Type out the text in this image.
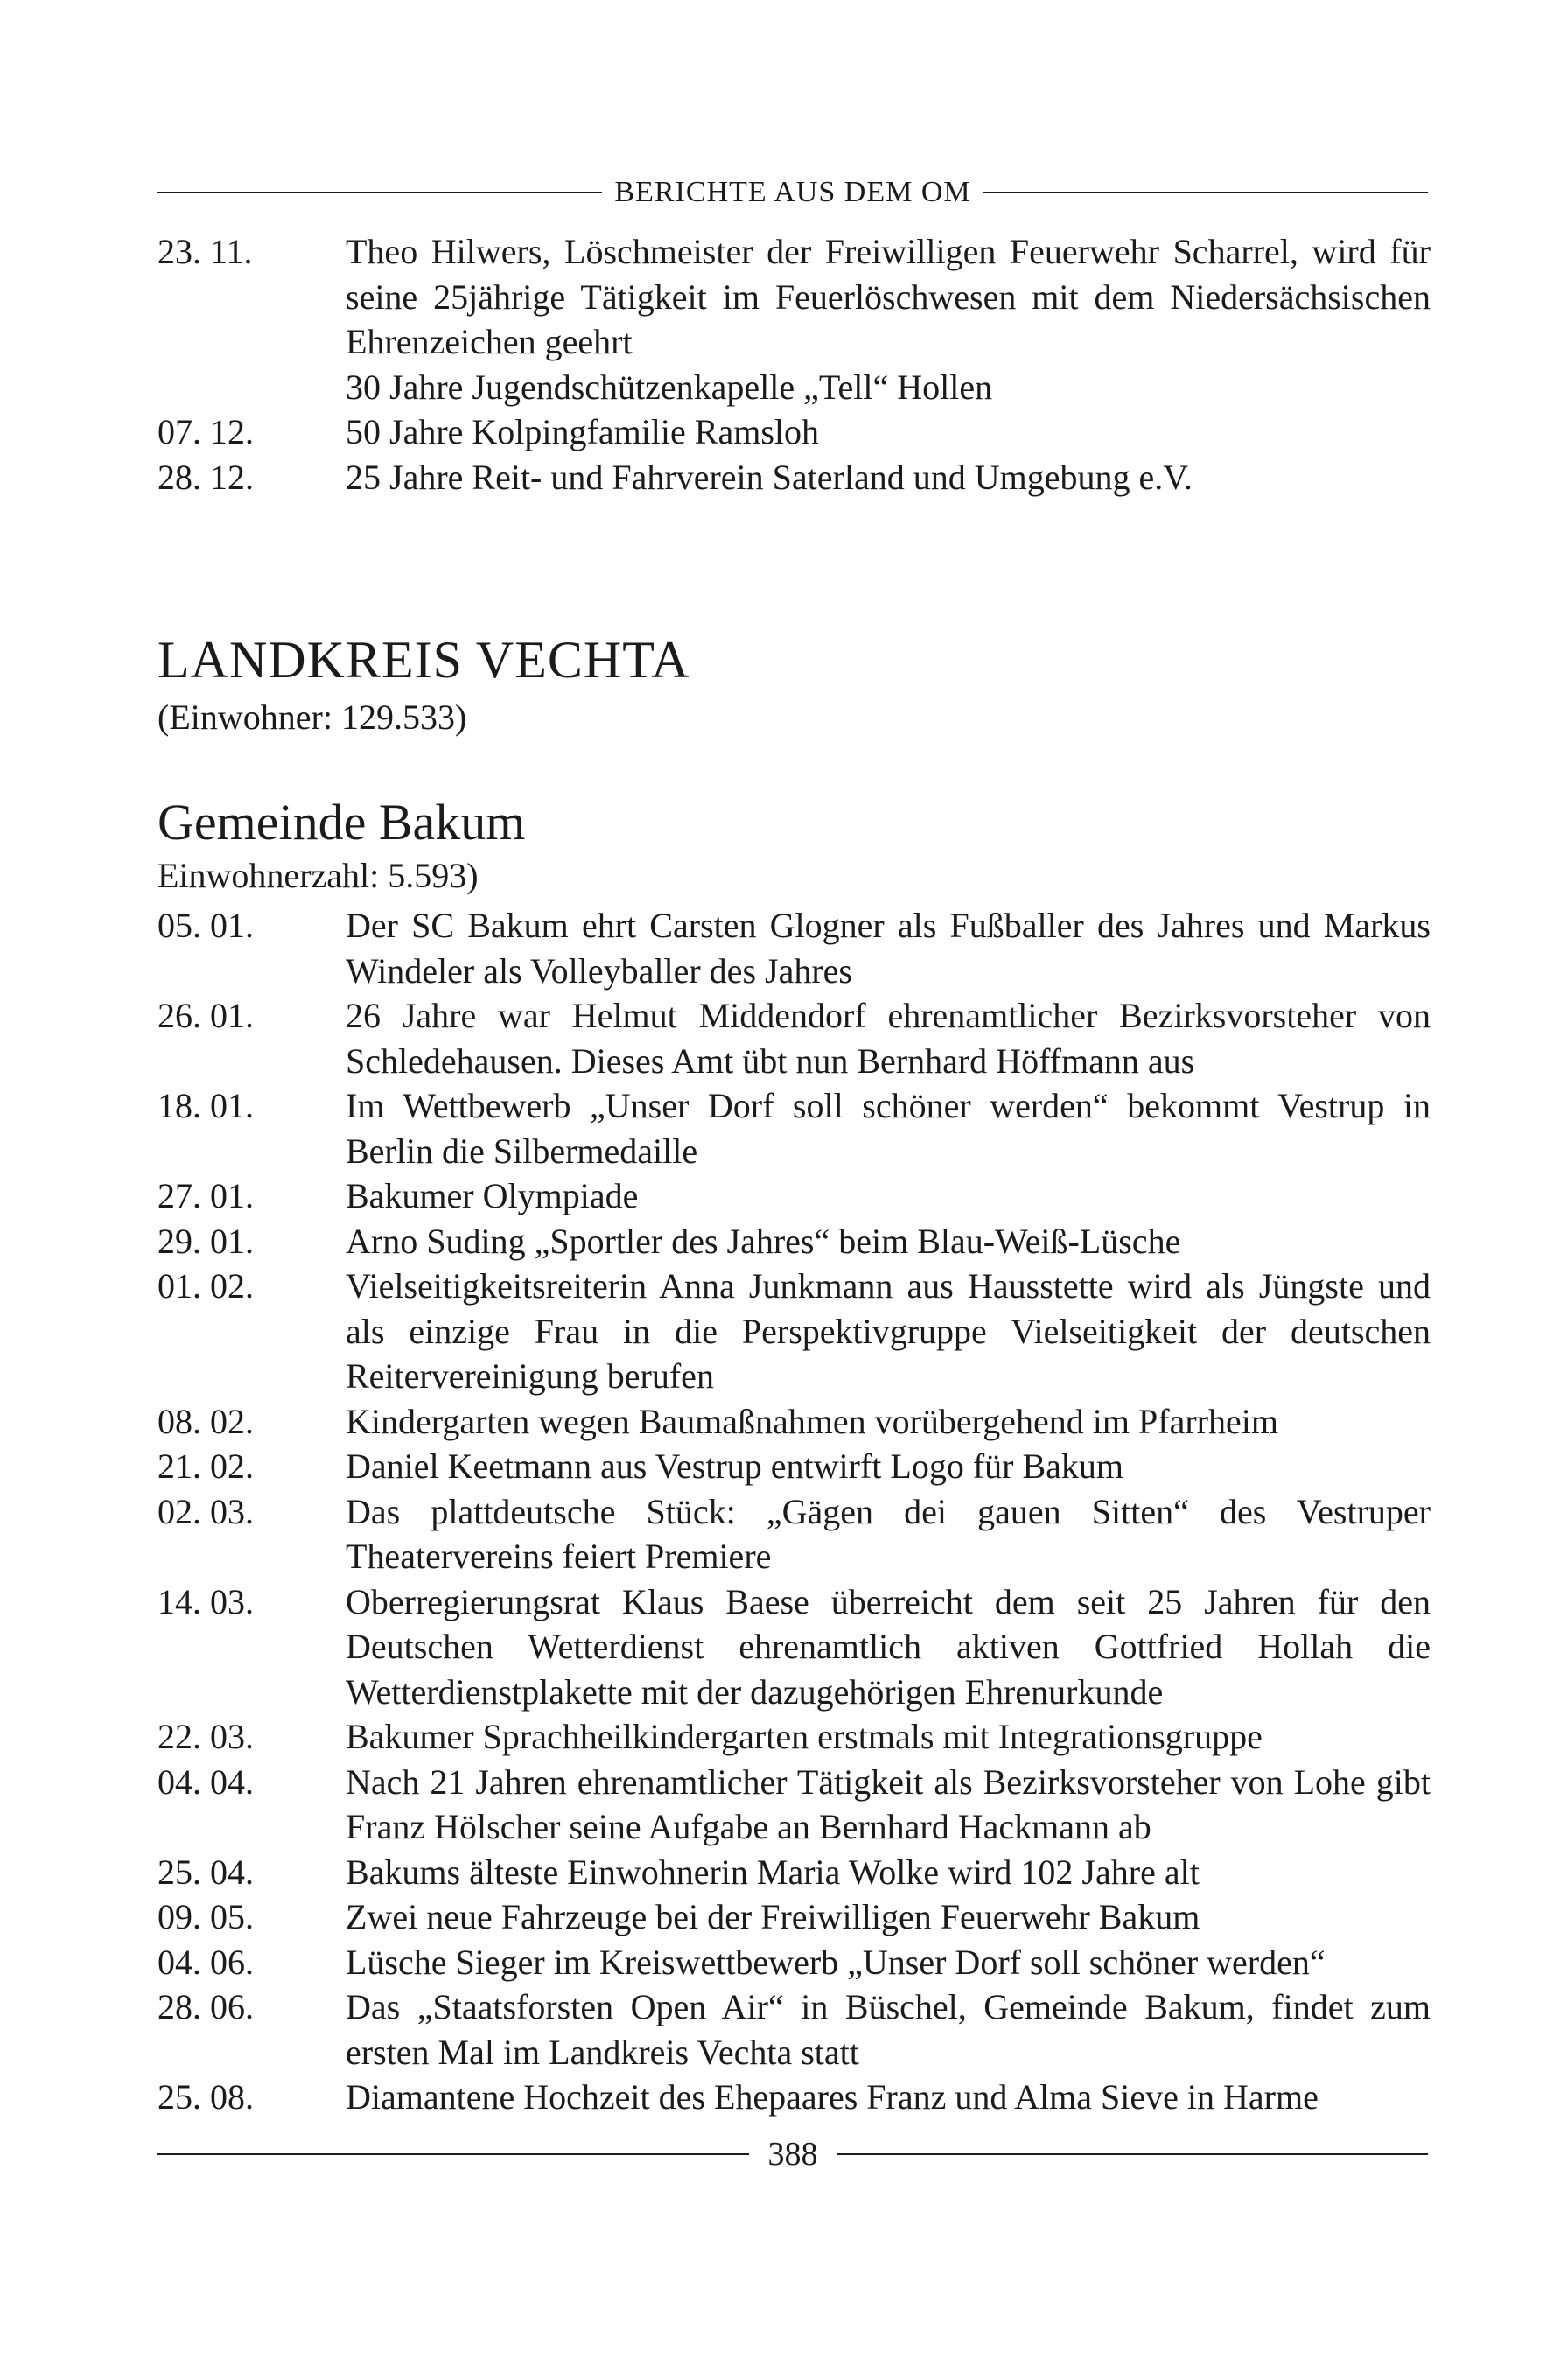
BERICHTE AUS DEM OM
23. 11.	Theo Hilwers, Löschmeister der Freiwilligen Feuerwehr Scharrel, wird für seine 25jährige Tätigkeit im Feuerlöschwesen mit dem Niedersächsischen Ehrenzeichen geehrt
30 Jahre Jugendschützenkapelle „Tell“ Hollen
07. 12.	50 Jahre Kolpingfamilie Ramsloh
28. 12.	25 Jahre Reit- und Fahrverein Saterland und Umgebung e.V.
LANDKREIS VECHTA

(Einwohner: 129.533)

Gemeinde Bakum

Einwohnerzahl: 5.593)

05. 01.	Der SC Bakum ehrt Carsten Glogner als Fußballer des Jahres und Markus Windeler als Volleyballer des Jahres
26. 01.	26 Jahre war Helmut Middendorf ehrenamtlicher Bezirksvorsteher von Schledehausen. Dieses Amt übt nun Bernhard Höffmann aus
18. 01.	Im Wettbewerb „Unser Dorf soll schöner werden“ bekommt Vestrup in Berlin die Silbermedaille
27. 01.	Bakumer Olympiade
29. 01.	Arno Suding „Sportler des Jahres“ beim Blau-Weiß-Lüsche
01. 02.	Vielseitigkeitsreiterin Anna Junkmann aus Hausstette wird als Jüngste und als einzige Frau in die Perspektivgruppe Vielseitigkeit der deutschen Reitervereinigung berufen
08. 02.	Kindergarten wegen Baumaßnahmen vorübergehend im Pfarrheim
21. 02.	Daniel Keetmann aus Vestrup entwirft Logo für Bakum
02. 03.	Das plattdeutsche Stück: „Gägen dei gauen Sitten“ des Vestruper Theatervereins feiert Premiere
14. 03.	Oberregierungsrat Klaus Baese überreicht dem seit 25 Jahren für den Deutschen Wetterdienst ehrenamtlich aktiven Gottfried Hollah die Wetterdienstplakette mit der dazugehörigen Ehrenurkunde
22. 03.	Bakumer Sprachheilkindergarten erstmals mit Integrationsgruppe
04. 04.	Nach 21 Jahren ehrenamtlicher Tätigkeit als Bezirksvorsteher von Lohe gibt Franz Hölscher seine Aufgabe an Bernhard Hackmann ab
25. 04.	Bakums älteste Einwohnerin Maria Wolke wird 102 Jahre alt
09. 05.	Zwei neue Fahrzeuge bei der Freiwilligen Feuerwehr Bakum
04. 06.	Lüsche Sieger im Kreiswettbewerb „Unser Dorf soll schöner werden“
28. 06.	Das „Staatsforsten Open Air“ in Büschel, Gemeinde Bakum, findet zum ersten Mal im Landkreis Vechta statt
25. 08.	Diamantene Hochzeit des Ehepaares Franz und Alma Sieve in Harme
388
